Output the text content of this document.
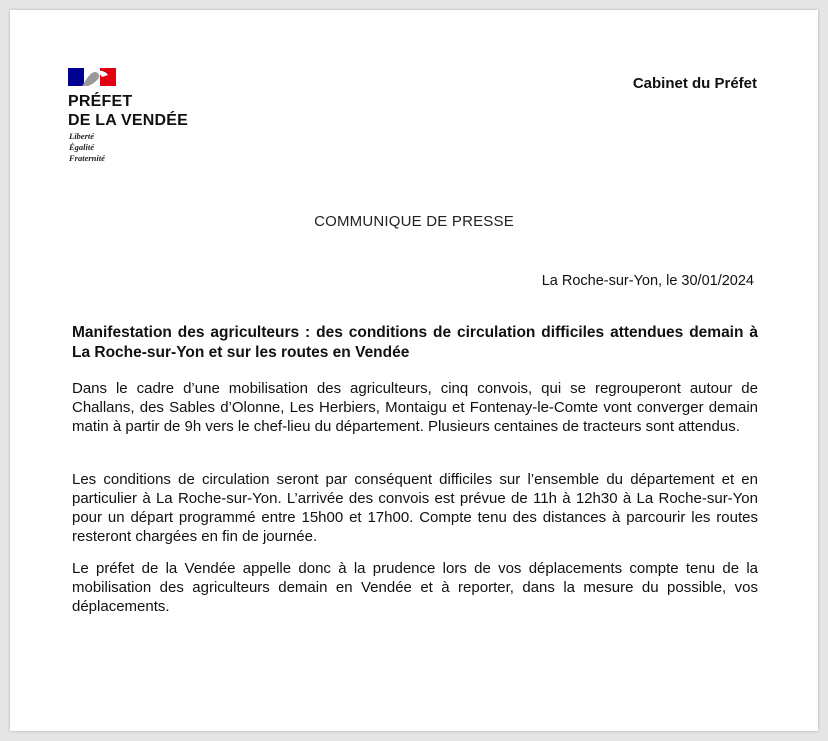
PRÉFET
DE LA VENDÉE
Liberté
Égalité
Fraternité
Cabinet du Préfet
COMMUNIQUE DE PRESSE
La Roche-sur-Yon, le 30/01/2024
Manifestation des agriculteurs : des conditions de circulation difficiles attendues demain à La Roche-sur-Yon et sur les routes en Vendée
Dans le cadre d’une mobilisation des agriculteurs, cinq convois, qui se regrouperont autour de Challans, des Sables d’Olonne, Les Herbiers, Montaigu et Fontenay-le-Comte vont converger demain matin à partir de 9h vers le chef-lieu du département. Plusieurs centaines de tracteurs sont attendus.
Les conditions de circulation seront par conséquent difficiles sur l’ensemble du département et en particulier à La Roche-sur-Yon. L’arrivée des convois est prévue de 11h à 12h30 à La Roche-sur-Yon pour un départ programmé entre 15h00 et 17h00. Compte tenu des distances à parcourir les routes resteront chargées en fin de journée.
Le préfet de la Vendée appelle donc à la prudence lors de vos déplacements compte tenu de la mobilisation des agriculteurs demain en Vendée et à reporter, dans la mesure du possible, vos déplacements.
